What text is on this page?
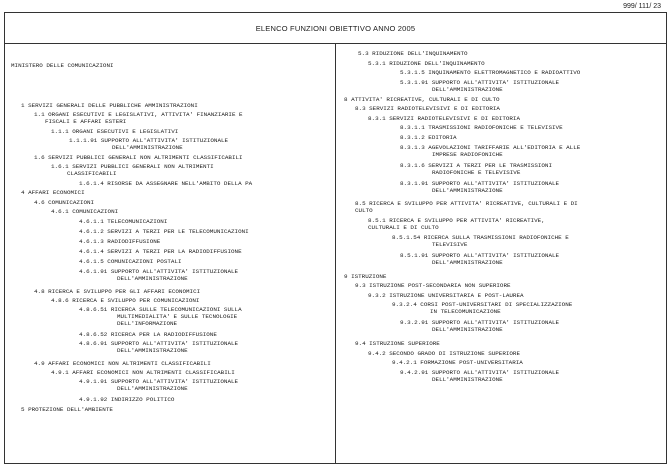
999/ 111/ 23
ELENCO FUNZIONI OBIETTIVO ANNO 2005
MINISTERO DELLE COMUNICAZIONI
1 SERVIZI GENERALI DELLE PUBBLICHE AMMINISTRAZIONI
1.1 ORGANI ESECUTIVI E LEGISLATIVI, ATTIVITA' FINANZIARIE E
FISCALI E AFFARI ESTERI
1.1.1 ORGANI ESECUTIVI E LEGISLATIVI
1.1.1.91 SUPPORTO ALL'ATTIVITA' ISTITUZIONALE
DELL'AMMINISTRAZIONE
1.6 SERVIZI PUBBLICI GENERALI NON ALTRIMENTI CLASSIFICABILI
1.6.1 SERVIZI PUBBLICI GENERALI NON ALTRIMENTI
CLASSIFICABILI
1.6.1.4 RISORSE DA ASSEGNARE NELL'AMBITO DELLA PA
4 AFFARI ECONOMICI
4.6 COMUNICAZIONI
4.6.1 COMUNICAZIONI
4.6.1.1 TELECOMUNICAZIONI
4.6.1.2 SERVIZI A TERZI PER LE TELECOMUNICAZIONI
4.6.1.3 RADIODIFFUSIONE
4.6.1.4 SERVIZI A TERZI PER LA RADIODIFFUSIONE
4.6.1.5 COMUNICAZIONI POSTALI
4.6.1.91 SUPPORTO ALL'ATTIVITA' ISTITUZIONALE
DELL'AMMINISTRAZIONE
4.8 RICERCA E SVILUPPO PER GLI AFFARI ECONOMICI
4.8.6 RICERCA E SVILUPPO PER COMUNICAZIONI
4.8.6.51 RICERCA SULLE TELECOMUNICAZIONI SULLA
MULTIMEDIALITA' E SULLE TECNOLOGIE
DELL'INFORMAZIONE
4.8.6.52 RICERCA PER LA RADIODIFFUSIONE
4.8.6.91 SUPPORTO ALL'ATTIVITA' ISTITUZIONALE
DELL'AMMINISTRAZIONE
4.9 AFFARI ECONOMICI NON ALTRIMENTI CLASSIFICABILI
4.9.1 AFFARI ECONOMICI NON ALTRIMENTI CLASSIFICABILI
4.9.1.91 SUPPORTO ALL'ATTIVITA' ISTITUZIONALE
DELL'AMMINISTRAZIONE
4.9.1.92 INDIRIZZO POLITICO
5 PROTEZIONE DELL'AMBIENTE
5.3 RIDUZIONE DELL'INQUINAMENTO
5.3.1 RIDUZIONE DELL'INQUINAMENTO
5.3.1.5 INQUINAMENTO ELETTROMAGNETICO E RADIOATTIVO
5.3.1.91 SUPPORTO ALL'ATTIVITA' ISTITUZIONALE
DELL'AMMINISTRAZIONE
8 ATTIVITA' RICREATIVE, CULTURALI E DI CULTO
8.3 SERVIZI RADIOTELEVISIVI E DI EDITORIA
8.3.1 SERVIZI RADIOTELEVISIVI E DI EDITORIA
8.3.1.1 TRASMISSIONI RADIOFONICHE E TELEVISIVE
8.3.1.2 EDITORIA
8.3.1.3 AGEVOLAZIONI TARIFFARIE ALL'EDITORIA E ALLE
IMPRESE RADIOFONICHE
8.3.1.6 SERVIZI A TERZI PER LE TRASMISSIONI
RADIOFONICHE E TELEVISIVE
8.3.1.91 SUPPORTO ALL'ATTIVITA' ISTITUZIONALE
DELL'AMMINISTRAZIONE
8.5 RICERCA E SVILUPPO PER ATTIVITA' RICREATIVE, CULTURALI E DI
CULTO
8.5.1 RICERCA E SVILUPPO PER ATTIVITA' RICREATIVE,
CULTURALI E DI CULTO
8.5.1.54 RICERCA SULLA TRASMISSIONI RADIOFONICHE E
TELEVISIVE
8.5.1.91 SUPPORTO ALL'ATTIVITA' ISTITUZIONALE
DELL'AMMINISTRAZIONE
9 ISTRUZIONE
9.3 ISTRUZIONE POST-SECONDARIA NON SUPERIORE
9.3.2 ISTRUZIONE UNIVERSITARIA E POST-LAUREA
9.3.2.4 CORSI POST-UNIVERSITARI DI SPECIALIZZAZIONE
IN TELECOMUNICAZIONE
9.3.2.91 SUPPORTO ALL'ATTIVITA' ISTITUZIONALE
DELL'AMMINISTRAZIONE
9.4 ISTRUZIONE SUPERIORE
9.4.2 SECONDO GRADO DI ISTRUZIONE SUPERIORE
9.4.2.1 FORMAZIONE POST-UNIVERSITARIA
9.4.2.91 SUPPORTO ALL'ATTIVITA' ISTITUZIONALE
DELL'AMMINISTRAZIONE
